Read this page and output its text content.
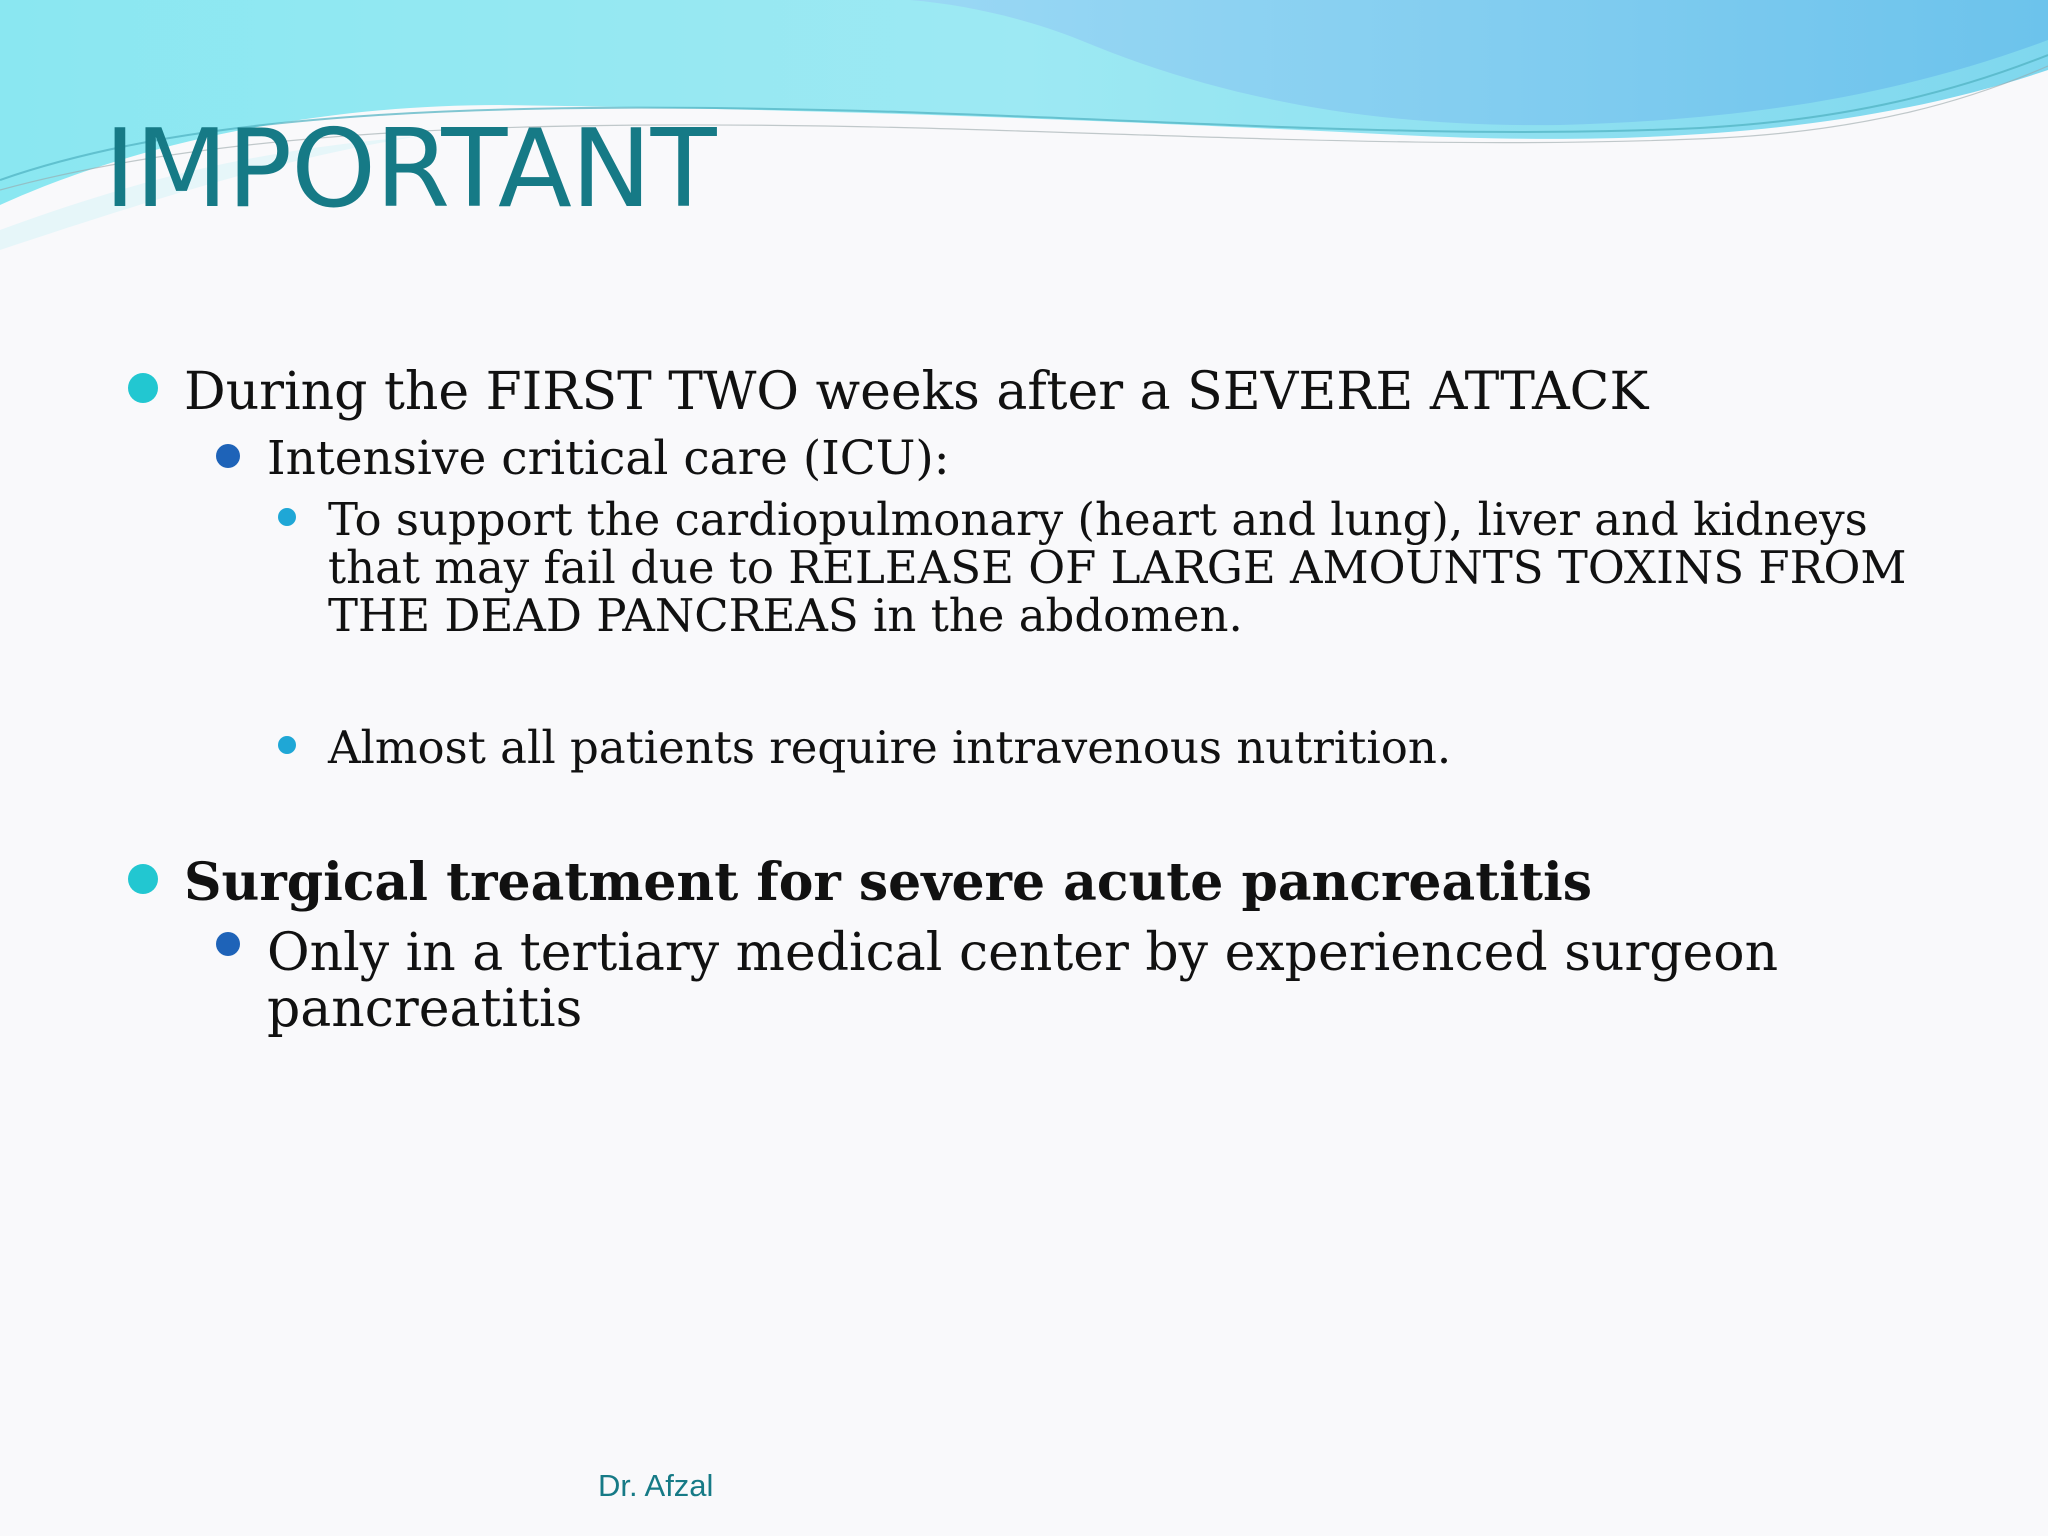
IMPORTANT
During the FIRST TWO weeks after a SEVERE ATTACK
Intensive critical care (ICU):
To support the cardiopulmonary (heart and lung), liver and kidneys
that may fail due to RELEASE OF LARGE AMOUNTS TOXINS FROM
THE DEAD PANCREAS in the abdomen.
Almost all patients require intravenous nutrition.
Surgical treatment for severe acute pancreatitis
Only in a tertiary medical center by experienced surgeon
pancreatitis
Dr. Afzal
